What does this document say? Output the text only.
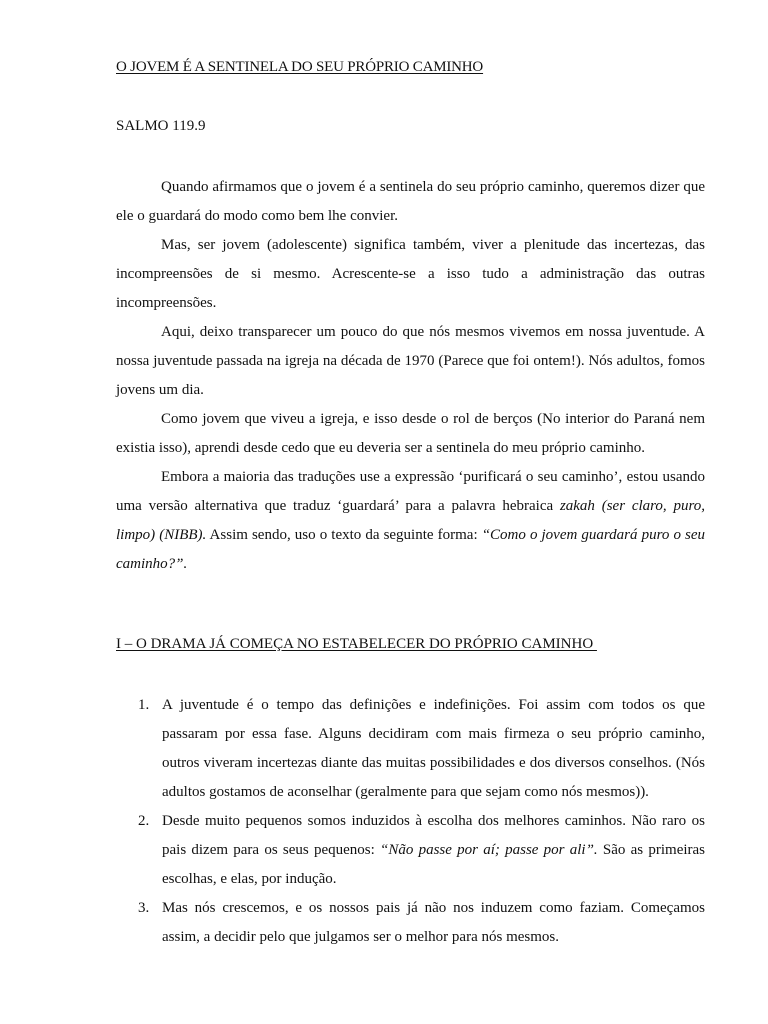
O JOVEM É A SENTINELA DO SEU PRÓPRIO CAMINHO
SALMO 119.9

Quando afirmamos que o jovem é a sentinela do seu próprio caminho, queremos dizer que ele o guardará do modo como bem lhe convier.

Mas, ser jovem (adolescente) significa também, viver a plenitude das incertezas, das incompreensões de si mesmo. Acrescente-se a isso tudo a administração das outras incompreensões.

Aqui, deixo transparecer um pouco do que nós mesmos vivemos em nossa juventude. A nossa juventude passada na igreja na década de 1970 (Parece que foi ontem!). Nós adultos, fomos jovens um dia.

Como jovem que viveu a igreja, e isso desde o rol de berços (No interior do Paraná nem existia isso), aprendi desde cedo que eu deveria ser a sentinela do meu próprio caminho.

Embora a maioria das traduções use a expressão ‘purificará o seu caminho’, estou usando uma versão alternativa que traduz ‘guardará’ para a palavra hebraica zakah (ser claro, puro, limpo) (NIBB). Assim sendo, uso o texto da seguinte forma: “Como o jovem guardará puro o seu caminho?”.

I – O DRAMA JÁ COMEÇA NO ESTABELECER DO PRÓPRIO CAMINHO
1. A juventude é o tempo das definições e indefinições. Foi assim com todos os que passaram por essa fase. Alguns decidiram com mais firmeza o seu próprio caminho, outros viveram incertezas diante das muitas possibilidades e dos diversos conselhos. (Nós adultos gostamos de aconselhar (geralmente para que sejam como nós mesmos)).
2. Desde muito pequenos somos induzidos à escolha dos melhores caminhos. Não raro os pais dizem para os seus pequenos: “Não passe por aí; passe por ali”. São as primeiras escolhas, e elas, por indução.
3. Mas nós crescemos, e os nossos pais já não nos induzem como faziam. Começamos assim, a decidir pelo que julgamos ser o melhor para nós mesmos.
